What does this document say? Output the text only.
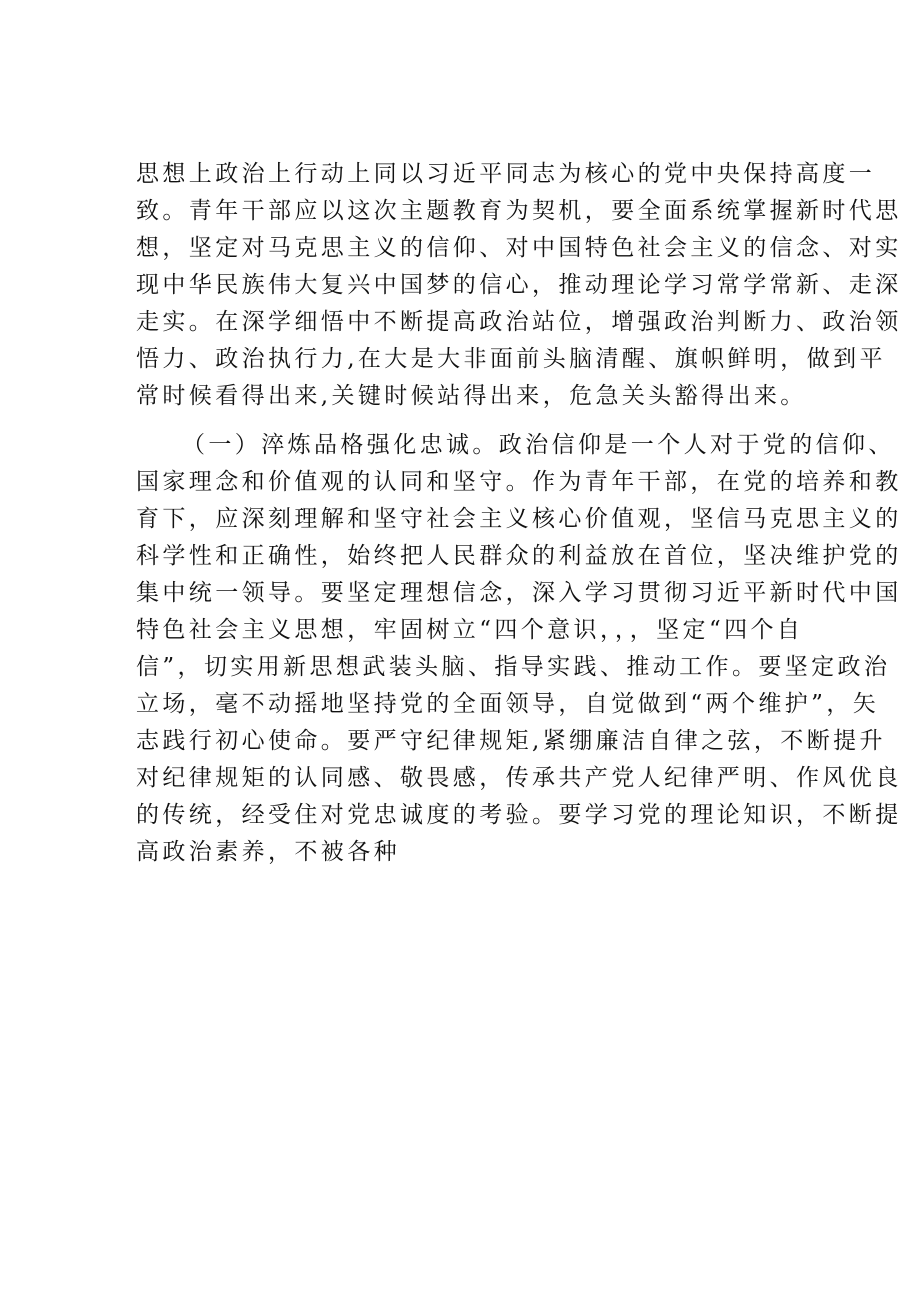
思想上政治上行动上同以习近平同志为核心的党中央保持高度一
致。青年干部应以这次主题教育为契机，要全面系统掌握新时代思
想，坚定对马克思主义的信仰、对中国特色社会主义的信念、对实
现中华民族伟大复兴中国梦的信心，推动理论学习常学常新、走深
走实。在深学细悟中不断提高政治站位，增强政治判断力、政治领
悟力、政治执行力,在大是大非面前头脑清醒、旗帜鲜明，做到平
常时候看得出来,关键时候站得出来，危急关头豁得出来。
（一）淬炼品格强化忠诚。政治信仰是一个人对于党的信仰、
国家理念和价值观的认同和坚守。作为青年干部，在党的培养和教
育下，应深刻理解和坚守社会主义核心价值观，坚信马克思主义的
科学性和正确性，始终把人民群众的利益放在首位，坚决维护党的
集中统一领导。要坚定理想信念，深入学习贯彻习近平新时代中国
特色社会主义思想，牢固树立“四个意识，，，坚定“四个自
信”，切实用新思想武装头脑、指导实践、推动工作。要坚定政治
立场，毫不动摇地坚持党的全面领导，自觉做到“两个维护”，矢
志践行初心使命。要严守纪律规矩,紧绷廉洁自律之弦，不断提升
对纪律规矩的认同感、敬畏感，传承共产党人纪律严明、作风优良
的传统，经受住对党忠诚度的考验。要学习党的理论知识，不断提
高政治素养，不被各种
